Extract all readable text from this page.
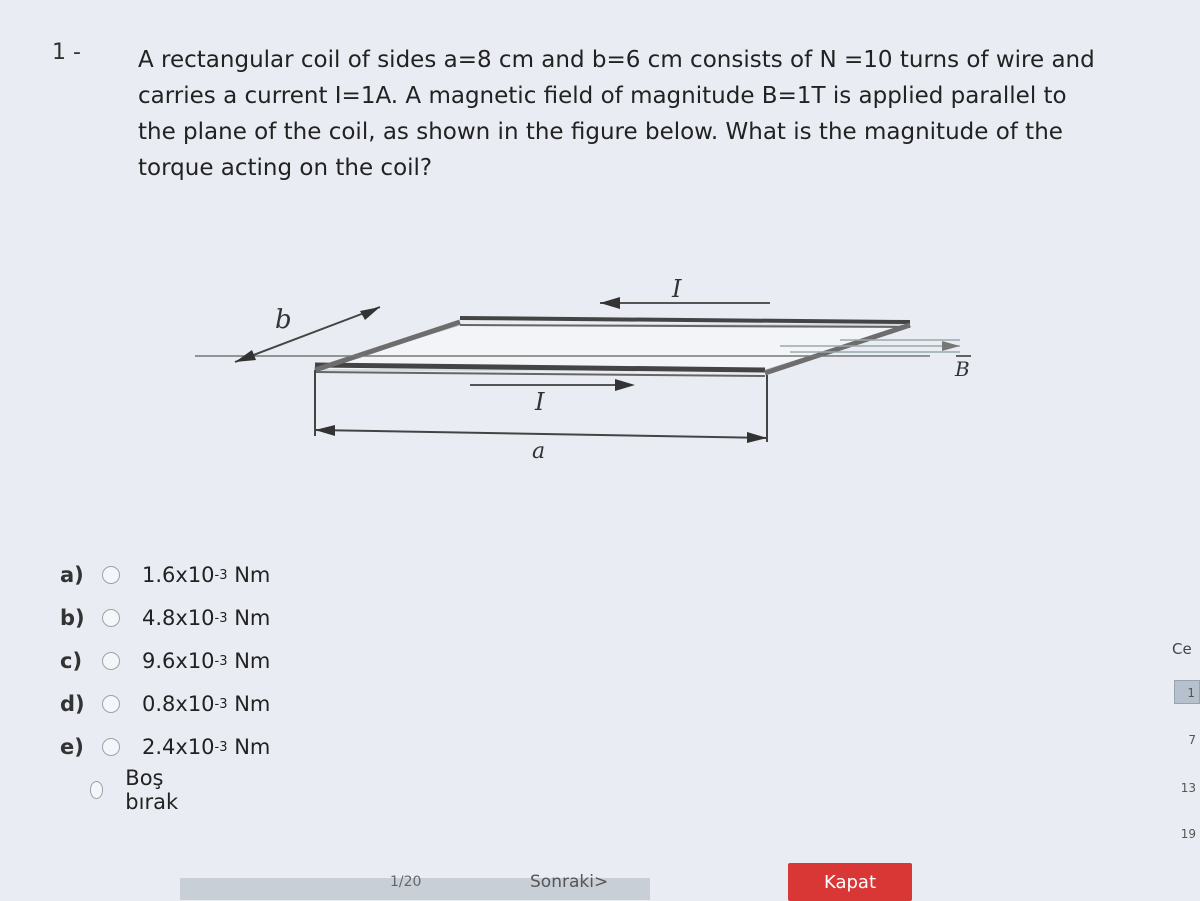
1 - A rectangular coil of sides a=8 cm and b=6 cm consists of N =10 turns of wire and carries a current I=1A. A magnetic field of magnitude B=1T is applied parallel to the plane of the coil, as shown in the figure below. What is the magnitude of the torque acting on the coil?
I
B
b
I
a
a)	1.6x10 -3
Nm
b)	4.8x10 -3
Nm
c)	9.6x10 -3
Nm
d)	0.8x10 -3
Nm
e)	2.4x10 -3
Nm
Boş bırak
Ce
1
7
13
19
1/20	Sonraki>	Kapat
